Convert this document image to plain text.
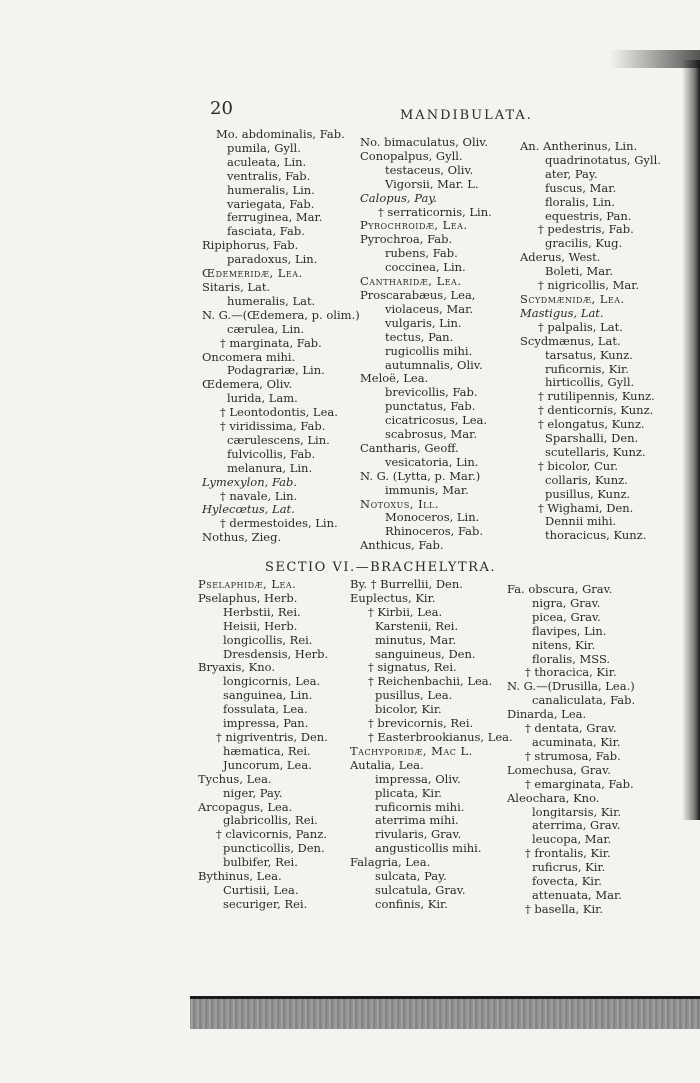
20	MANDIBULATA.
Mo. abdominalis, Fab.
pumila, Gyll.
aculeata, Lin.
ventralis, Fab.
humeralis, Lin.
variegata, Fab.
ferruginea, Mar.
fasciata, Fab.
Ripiphorus, Fab.
paradoxus, Lin.
Œdemeridæ, Lea.
Sitaris, Lat.
humeralis, Lat.
N. G.—(Œdemera, p. olim.)
cærulea, Lin.
† marginata, Fab.
Oncomera mihi.
Podagrariæ, Lin.
Œdemera, Oliv.
lurida, Lam.
† Leontodontis, Lea.
† viridissima, Fab.
cærulescens, Lin.
fulvicollis, Fab.
melanura, Lin.
Lymexylon, Fab.
† navale, Lin.
Hylecœtus, Lat.
† dermestoides, Lin.
Nothus, Zieg.
No. bimaculatus, Oliv.
Conopalpus, Gyll.
testaceus, Oliv.
Vigorsii, Mar. L.
Calopus, Pay.
† serraticornis, Lin.
Pyrochroidæ, Lea.
Pyrochroa, Fab.
rubens, Fab.
coccinea, Lin.
Cantharidæ, Lea.
Proscarabæus, Lea,
violaceus, Mar.
vulgaris, Lin.
tectus, Pan.
rugicollis mihi.
autumnalis, Oliv.
Meloë, Lea.
brevicollis, Fab.
punctatus, Fab.
cicatricosus, Lea.
scabrosus, Mar.
Cantharis, Geoff.
vesicatoria, Lin.
N. G. (Lytta, p. Mar.)
immunis, Mar.
Notoxus, Ill.
Monoceros, Lin.
Rhinoceros, Fab.
Anthicus, Fab.
An. Antherinus, Lin.
quadrinotatus, Gyll.
ater, Pay.
fuscus, Mar.
floralis, Lin.
equestris, Pan.
† pedestris, Fab.
gracilis, Kug.
Aderus, West.
Boleti, Mar.
† nigricollis, Mar.
Scydmænidæ, Lea.
Mastigus, Lat.
† palpalis, Lat.
Scydmænus, Lat.
tarsatus, Kunz.
ruficornis, Kir.
hirticollis, Gyll.
† rutilipennis, Kunz.
† denticornis, Kunz.
† elongatus, Kunz.
Sparshalli, Den.
scutellaris, Kunz.
† bicolor, Cur.
collaris, Kunz.
pusillus, Kunz.
† Wighami, Den.
Dennii mihi.
thoracicus, Kunz.
SECTIO VI.—BRACHELYTRA.
Pselaphidæ, Lea.
Pselaphus, Herb.
Herbstii, Rei.
Heisii, Herb.
longicollis, Rei.
Dresdensis, Herb.
Bryaxis, Kno.
longicornis, Lea.
sanguinea, Lin.
fossulata, Lea.
impressa, Pan.
† nigriventris, Den.
hæmatica, Rei.
Juncorum, Lea.
Tychus, Lea.
niger, Pay.
Arcopagus, Lea.
glabricollis, Rei.
† clavicornis, Panz.
puncticollis, Den.
bulbifer, Rei.
Bythinus, Lea.
Curtisii, Lea.
securiger, Rei.
By. † Burrellii, Den.
Euplectus, Kir.
† Kirbii, Lea.
Karstenii, Rei.
minutus, Mar.
sanguineus, Den.
† signatus, Rei.
† Reichenbachii, Lea.
pusillus, Lea.
bicolor, Kir.
† brevicornis, Rei.
† Easterbrookianus, Lea.
Tachyporidæ, Mac L.
Autalia, Lea.
impressa, Oliv.
plicata, Kir.
ruficornis mihi.
aterrima mihi.
rivularis, Grav.
angusticollis mihi.
Falagria, Lea.
sulcata, Pay.
sulcatula, Grav.
confinis, Kir.
Fa. obscura, Grav.
nigra, Grav.
picea, Grav.
flavipes, Lin.
nitens, Kir.
floralis, MSS.
† thoracica, Kir.
N. G.—(Drusilla, Lea.)
canaliculata, Fab.
Dinarda, Lea.
† dentata, Grav.
acuminata, Kir.
† strumosa, Fab.
Lomechusa, Grav.
† emarginata, Fab.
Aleochara, Kno.
longitarsis, Kir.
aterrima, Grav.
leucopa, Mar.
† frontalis, Kir.
ruficrus, Kir.
fovecta, Kir.
attenuata, Mar.
† basella, Kir.
